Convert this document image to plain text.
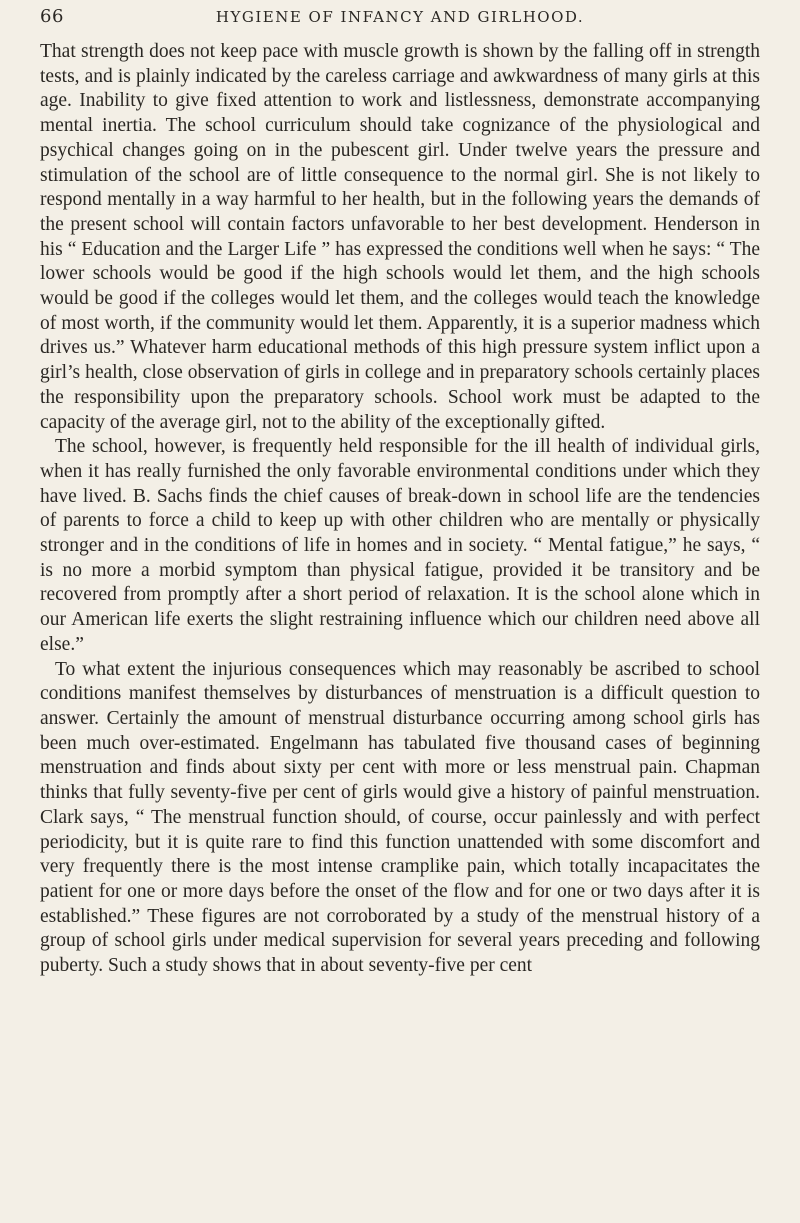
66	HYGIENE OF INFANCY AND GIRLHOOD.

That strength does not keep pace with muscle growth is shown by the falling off in strength tests, and is plainly indicated by the careless carriage and awkwardness of many girls at this age. Inability to give fixed attention to work and listlessness, demonstrate accompanying mental inertia. The school curriculum should take cognizance of the physiological and psychical changes going on in the pubescent girl. Under twelve years the pressure and stimulation of the school are of little consequence to the normal girl. She is not likely to respond mentally in a way harmful to her health, but in the following years the demands of the present school will contain factors unfavorable to her best development. Henderson in his “ Education and the Larger Life ” has expressed the conditions well when he says: “ The lower schools would be good if the high schools would let them, and the high schools would be good if the colleges would let them, and the colleges would teach the knowledge of most worth, if the community would let them. Apparently, it is a superior madness which drives us.” Whatever harm educational methods of this high pressure system inflict upon a girl’s health, close observation of girls in college and in preparatory schools certainly places the responsibility upon the preparatory schools. School work must be adapted to the capacity of the average girl, not to the ability of the exceptionally gifted.

The school, however, is frequently held responsible for the ill health of individual girls, when it has really furnished the only favorable environmental conditions under which they have lived. B. Sachs finds the chief causes of break-down in school life are the tendencies of parents to force a child to keep up with other children who are mentally or physically stronger and in the conditions of life in homes and in society. “ Mental fatigue,” he says, “ is no more a morbid symptom than physical fatigue, provided it be transitory and be recovered from promptly after a short period of relaxation. It is the school alone which in our American life exerts the slight restraining influence which our children need above all else.”

To what extent the injurious consequences which may reasonably be ascribed to school conditions manifest themselves by disturbances of menstruation is a difficult question to answer. Certainly the amount of menstrual disturbance occurring among school girls has been much over-estimated. Engelmann has tabulated five thousand cases of beginning menstruation and finds about sixty per cent with more or less menstrual pain. Chapman thinks that fully seventy-five per cent of girls would give a history of painful menstruation. Clark says, “ The menstrual function should, of course, occur painlessly and with perfect periodicity, but it is quite rare to find this function unattended with some discomfort and very frequently there is the most intense cramplike pain, which totally incapacitates the patient for one or more days before the onset of the flow and for one or two days after it is established.” These figures are not corroborated by a study of the menstrual history of a group of school girls under medical supervision for several years preceding and following puberty. Such a study shows that in about seventy-five per cent
